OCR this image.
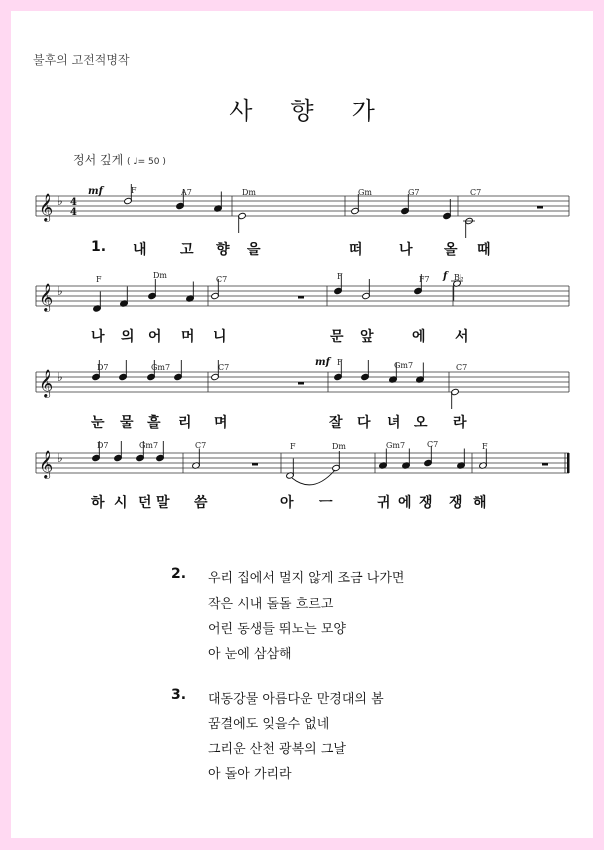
불후의 고전적명작
사향가
정서 깊게 ( ♩= 50 )
𝄞 ♭ 4
4
𝄞 ♭
𝄞 ♭
𝄞 ♭
mf	F	A7	Dm	Gm	G7	C7
1. 내 고 향 을	떠	나 올 때
F	Dm	C7	F	F7 f B♭
나 의 어 머 니	문 앞	에 서
D7	Gm7	C7	mf F	Gm7	C7
눈 물 흘 리 며	잘 다 녀 오 라
D7	Gm7	C7	F	Dm	Gm7	C7	F
하 시 던 말 씀	아 ㅡ	귀 에 쟁 쟁 해
2. 우리 집에서 멀지 않게 조금 나가면
작은 시내 돌돌 흐르고
어린 동생들 뛰노는 모양
아 눈에 삼삼해
3. 대동강물 아름다운 만경대의 봄
꿈결에도 잊을수 없네
그리운 산천 광복의 그날
아 돌아 가리라
